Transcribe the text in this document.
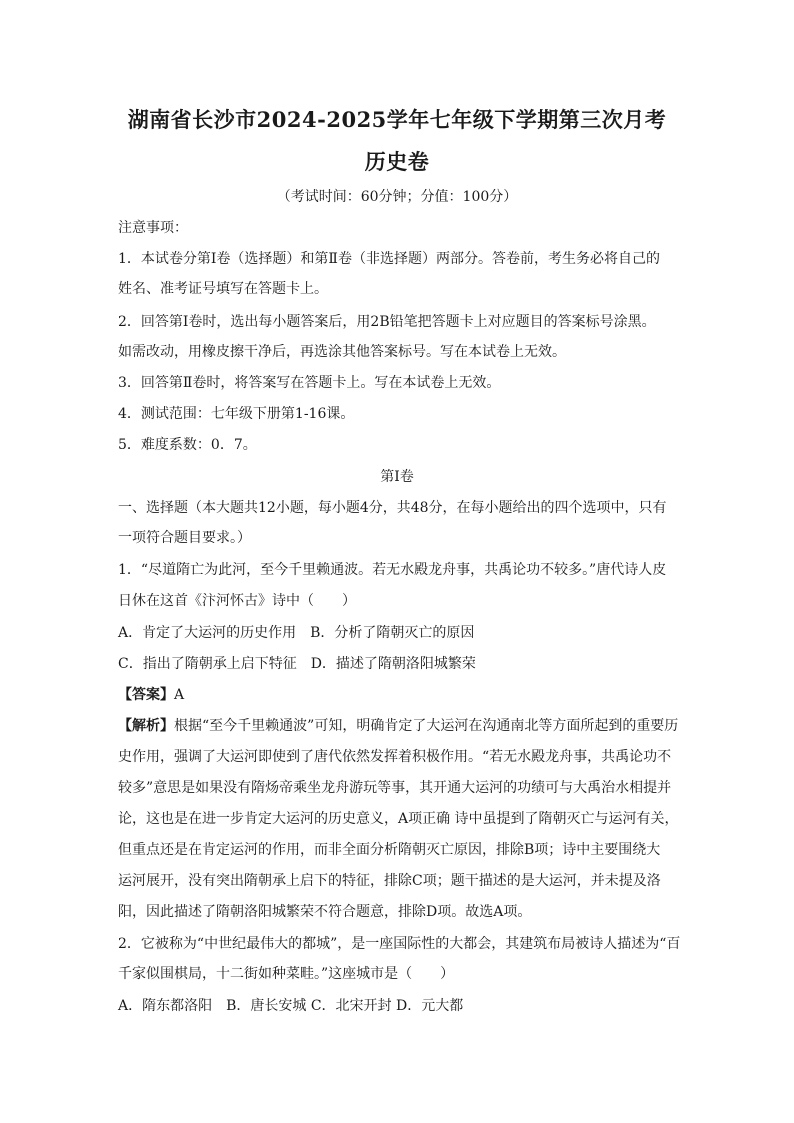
湖南省长沙市2024-2025学年七年级下学期第三次月考
历史卷
（考试时间：60分钟；分值：100分）
注意事项：
1．本试卷分第Ⅰ卷（选择题）和第Ⅱ卷（非选择题）两部分。答卷前，考生务必将自己的
姓名、准考证号填写在答题卡上。
2．回答第Ⅰ卷时，选出每小题答案后，用2B铅笔把答题卡上对应题目的答案标号涂黑。
如需改动，用橡皮擦干净后，再选涂其他答案标号。写在本试卷上无效。
3．回答第Ⅱ卷时，将答案写在答题卡上。写在本试卷上无效。
4．测试范围：七年级下册第1-16课。
5．难度系数：0．7。
第Ⅰ卷
一、选择题（本大题共12小题，每小题4分，共48分，在每小题给出的四个选项中，只有
一项符合题目要求。）
1．“尽道隋亡为此河，至今千里赖通波。若无水殿龙舟事，共禹论功不较多。”唐代诗人皮
日休在这首《汴河怀古》诗中（　　）
A．肯定了大运河的历史作用　B．分析了隋朝灭亡的原因
C．指出了隋朝承上启下特征　D．描述了隋朝洛阳城繁荣
【答案】A
【解析】根据“至今千里赖通波”可知，明确肯定了大运河在沟通南北等方面所起到的重要历
史作用，强调了大运河即使到了唐代依然发挥着积极作用。“若无水殿龙舟事，共禹论功不
较多”意思是如果没有隋炀帝乘坐龙舟游玩等事，其开通大运河的功绩可与大禹治水相提并
论，这也是在进一步肯定大运河的历史意义，A项正确 诗中虽提到了隋朝灭亡与运河有关，
但重点还是在肯定运河的作用，而非全面分析隋朝灭亡原因，排除B项；诗中主要围绕大
运河展开，没有突出隋朝承上启下的特征，排除C项；题干描述的是大运河，并未提及洛
阳，因此描述了隋朝洛阳城繁荣不符合题意，排除D项。故选A项。
2．它被称为“中世纪最伟大的都城”，是一座国际性的大都会，其建筑布局被诗人描述为“百
千家似围棋局，十二街如种菜畦。”这座城市是（　　）
A．隋东都洛阳　B．唐长安城 C．北宋开封 D．元大都
